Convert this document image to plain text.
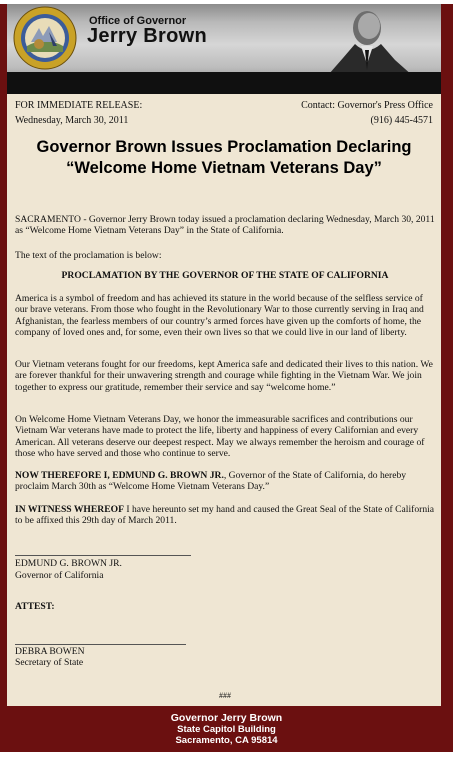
Office of Governor
Jerry Brown
FOR IMMEDIATE RELEASE:
Wednesday, March 30, 2011
Contact: Governor's Press Office
(916) 445-4571
Governor Brown Issues Proclamation Declaring “Welcome Home Vietnam Veterans Day”
SACRAMENTO - Governor Jerry Brown today issued a proclamation declaring Wednesday, March 30, 2011 as “Welcome Home Vietnam Veterans Day” in the State of California.
The text of the proclamation is below:
PROCLAMATION BY THE GOVERNOR OF THE STATE OF CALIFORNIA
America is a symbol of freedom and has achieved its stature in the world because of the selfless service of our brave veterans. From those who fought in the Revolutionary War to those currently serving in Iraq and Afghanistan, the fearless members of our country’s armed forces have given up the comforts of home, the company of loved ones and, for some, even their own lives so that we could live in our land of liberty.
Our Vietnam veterans fought for our freedoms, kept America safe and dedicated their lives to this nation. We are forever thankful for their unwavering strength and courage while fighting in the Vietnam War. We join together to express our gratitude, remember their service and say “welcome home.”
On Welcome Home Vietnam Veterans Day, we honor the immeasurable sacrifices and contributions our Vietnam War veterans have made to protect the life, liberty and happiness of every Californian and every American. All veterans deserve our deepest respect. May we always remember the heroism and courage of those who have served and those who continue to serve.
NOW THEREFORE I, EDMUND G. BROWN JR., Governor of the State of California, do hereby proclaim March 30th as “Welcome Home Vietnam Veterans Day.”
IN WITNESS WHEREOF I have hereunto set my hand and caused the Great Seal of the State of California to be affixed this 29th day of March 2011.
EDMUND G. BROWN JR.
Governor of California
ATTEST:
DEBRA BOWEN
Secretary of State
###
Governor Jerry Brown
State Capitol Building
Sacramento, CA 95814
